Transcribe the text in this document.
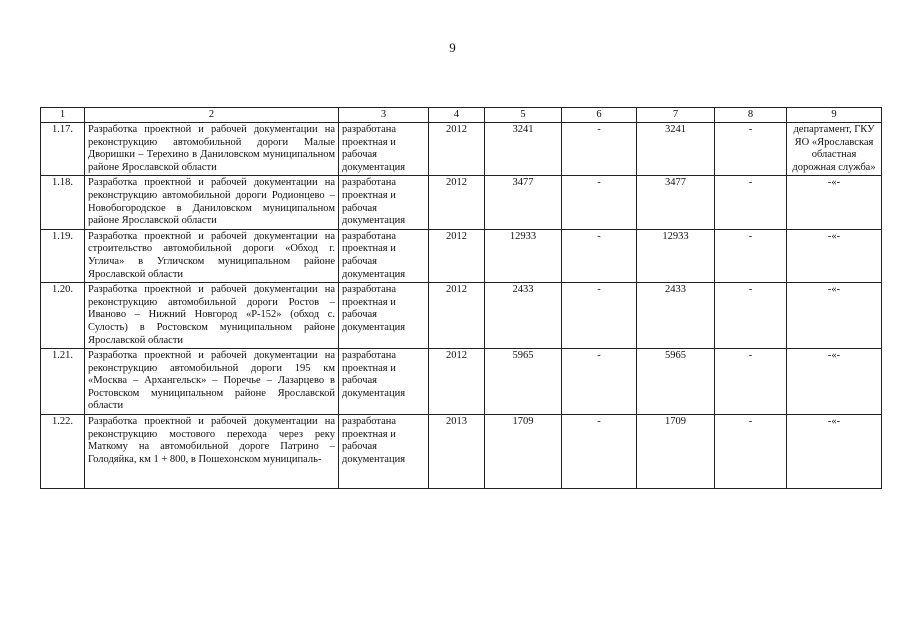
9
1	2	3	4	5	6	7	8	9
1.17.	Разработка проектной и рабочей документации на реконструкцию автомобильной дороги Малые Дворишки – Терехино в Даниловском муниципальном районе Ярославской области	разработана проектная и рабочая документация	2012	3241	-	3241	-	департамент, ГКУ ЯО «Ярославская областная дорожная служба»
1.18.	Разработка проектной и рабочей документации на реконструкцию автомобильной дороги Родионцево – Новобогородское в Даниловском муниципальном районе Ярославской области	разработана проектная и рабочая документация	2012	3477	-	3477	-	-«-
1.19.	Разработка проектной и рабочей документации на строительство автомобильной дороги «Обход г. Углича» в Угличском муниципальном районе Ярославской области	разработана проектная и рабочая документация	2012	12933	-	12933	-	-«-
1.20.	Разработка проектной и рабочей документации на реконструкцию автомобильной дороги Ростов – Иваново – Нижний Новгород «Р-152» (обход с. Сулость) в Ростовском муниципальном районе Ярославской области	разработана проектная и рабочая документация	2012	2433	-	2433	-	-«-
1.21.	Разработка проектной и рабочей документации на реконструкцию автомобильной дороги 195 км «Москва – Архангельск» – Поречье – Лазарцево в Ростовском муниципальном районе Ярославской области	разработана проектная и рабочая документация	2012	5965	-	5965	-	-«-
1.22.	Разработка проектной и рабочей документации на реконструкцию мостового перехода через реку Маткому на автомобильной дороге Патрино – Голодяйка, км 1 + 800, в Пошехонском муниципаль-	разработана проектная и рабочая документация	2013	1709	-	1709	-	-«-
